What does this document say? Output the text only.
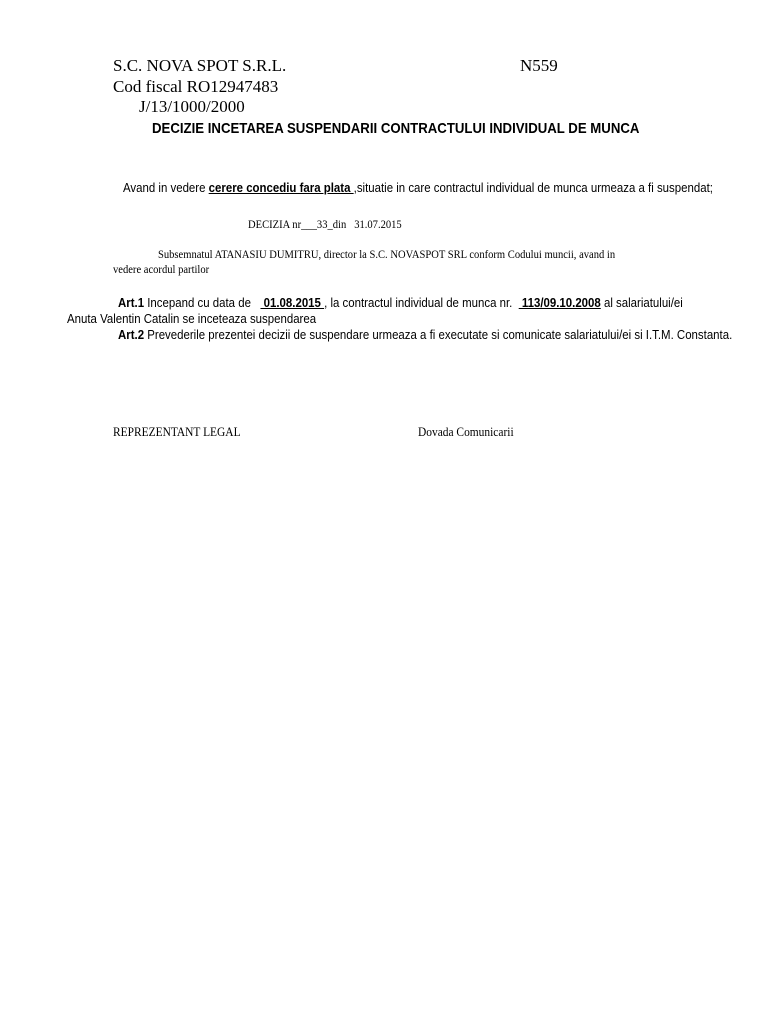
S.C. NOVA SPOT S.R.L.	N559
Cod fiscal RO12947483
J/13/1000/2000
DECIZIE INCETAREA SUSPENDARII CONTRACTULUI INDIVIDUAL DE MUNCA
Avand in vedere cerere concediu fara plata ,situatie in care contractul individual de munca urmeaza a fi suspendat;
DECIZIA nr___33_din 31.07.2015
Subsemnatul ATANASIU DUMITRU, director la S.C. NOVASPOT SRL conform Codului muncii, avand in
vedere acordul partilor
Art.1 Incepand cu data de    01.08.2015 , la contractul individual de munca nr.   113/09.10.2008 al salariatului/ei
Anuta Valentin Catalin se inceteaza suspendarea
Art.2 Prevederile prezentei decizii de suspendare urmeaza a fi executate si comunicate salariatului/ei si I.T.M. Constanta.
REPREZENTANT LEGAL	Dovada Comunicarii
